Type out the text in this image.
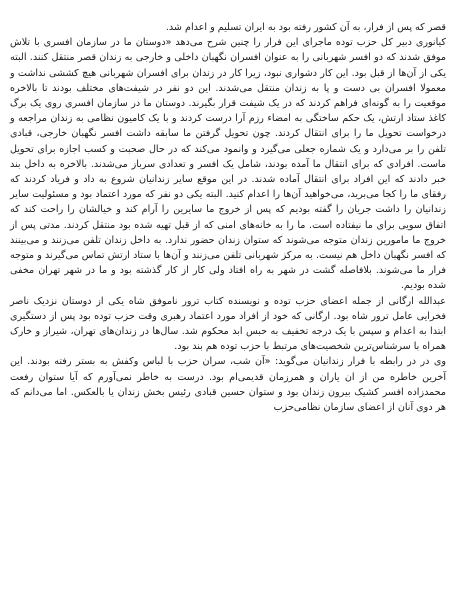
قصر که پس از فرار، به آن کشور رفته بود به ایران تسلیم و اعدام شد.

کیانوری دبیر کل حزب توده ماجرای این فرار را چنین شرح می‌دهد «دوستان ما در سازمان افسری با تلاش موفق شدند که دو افسر شهربانی را به عنوان افسران نگهبان داخلی و خارجی به زندان قصر منتقل کنند. البته یکی از آن‌ها از قبل بود. این کار دشواری نبود، زیرا کار در زندان برای افسران شهربانی هیچ کششی نداشت و معمولا افسران بی دست و پا به زندان منتقل می‌شدند. این دو نفر در شیفت‌های مختلف بودند تا بالاخره موقعیت را به گونه‌ای فراهم کردند که در یک شیفت قرار بگیرند. دوستان ما در سازمان افسری روی یک برگ کاغذ ستاد ارتش، یک حکم ساختگی به امضاء رزم آرا درست کردند و با یک کامیون نظامی به زندان مراجعه و درخواست تحویل ما را برای انتقال کردند. چون تحویل گرفتن ما سابقه داشت افسر نگهبان خارجی، قبادی تلفن را بر می‌دارد و یک شماره جعلی می‌گیرد و وانمود می‌کند که در حال صحبت و کسب اجازه برای تحویل ماست. افرادی که برای انتقال ما آمده بودند، شامل یک افسر و تعدادی سرباز می‌شدند. بالاخره به داخل بند خبر دادند که این افراد برای انتقال آماده شدند. در این موقع سایر زندانیان شروع به داد و فریاد کردند که رفقای ما را کجا می‌برید، می‌خواهید آن‌ها را اعدام کنید. البته یکی دو نفر که مورد اعتماد بود و مسئولیت سایر زندانیان را داشت جریان را گفته بودیم که پس از خروج ما سایرین را آرام کند و خیالشان را راحت کند که اتفاق سویی برای ما نیفتاده است. ما را به خانه‌های امنی که از قبل تهیه شده بود منتقل کردند. مدتی پس از خروج ما مامورین زندان متوجه می‌شوند که ستوان زندان حضور ندارد. به داخل زندان تلفن می‌زنند و می‌بینند که افسر نگهبان داخل هم نیست. به مرکز شهربانی تلفن می‌زنند و آن‌ها با ستاد ارتش تماس می‌گیرند و متوجه فرار ما می‌شوند. بلافاصله گشت در شهر به راه افتاد ولی کار از کار گذشته بود و ما در شهر تهران مخفی شده بودیم.

عبدالله ارگانی از جمله اعضای حزب توده و نویسنده کتاب ترور ناموفق شاه یکی از دوستان نزدیک ناصر فخرایی عامل ترور شاه بود. ارگانی که خود از افراد مورد اعتماد رهبری وقت حزب توده بود پس از دستگیری ابتدا به اعدام و سپس با یک درجه تخفیف به حبس ابد محکوم شد. سال‌ها در زندان‌های تهران، شیراز و خارک همراه با سرشناس‌ترین شخصیت‌های مرتبط با حزب توده هم بند بود.

وی در در رابطه با فرار زندانیان می‌گوید: «آن شب، سران حزب با لباس وکفش به بستر رفته بودند. این آخرین خاطره من از ان یاران و همرزمان قدیمی‌ام بود. درست به خاطر نمی‌آورم که آیا ستوان رفعت محمدزاده افسر کشیک بیرون زندان بود و ستوان حسین قبادی رئیس بخش زندان یا بالعکس. اما می‌دانم که هر دوی آنان از اعضای سازمان نظامی‌حزب
